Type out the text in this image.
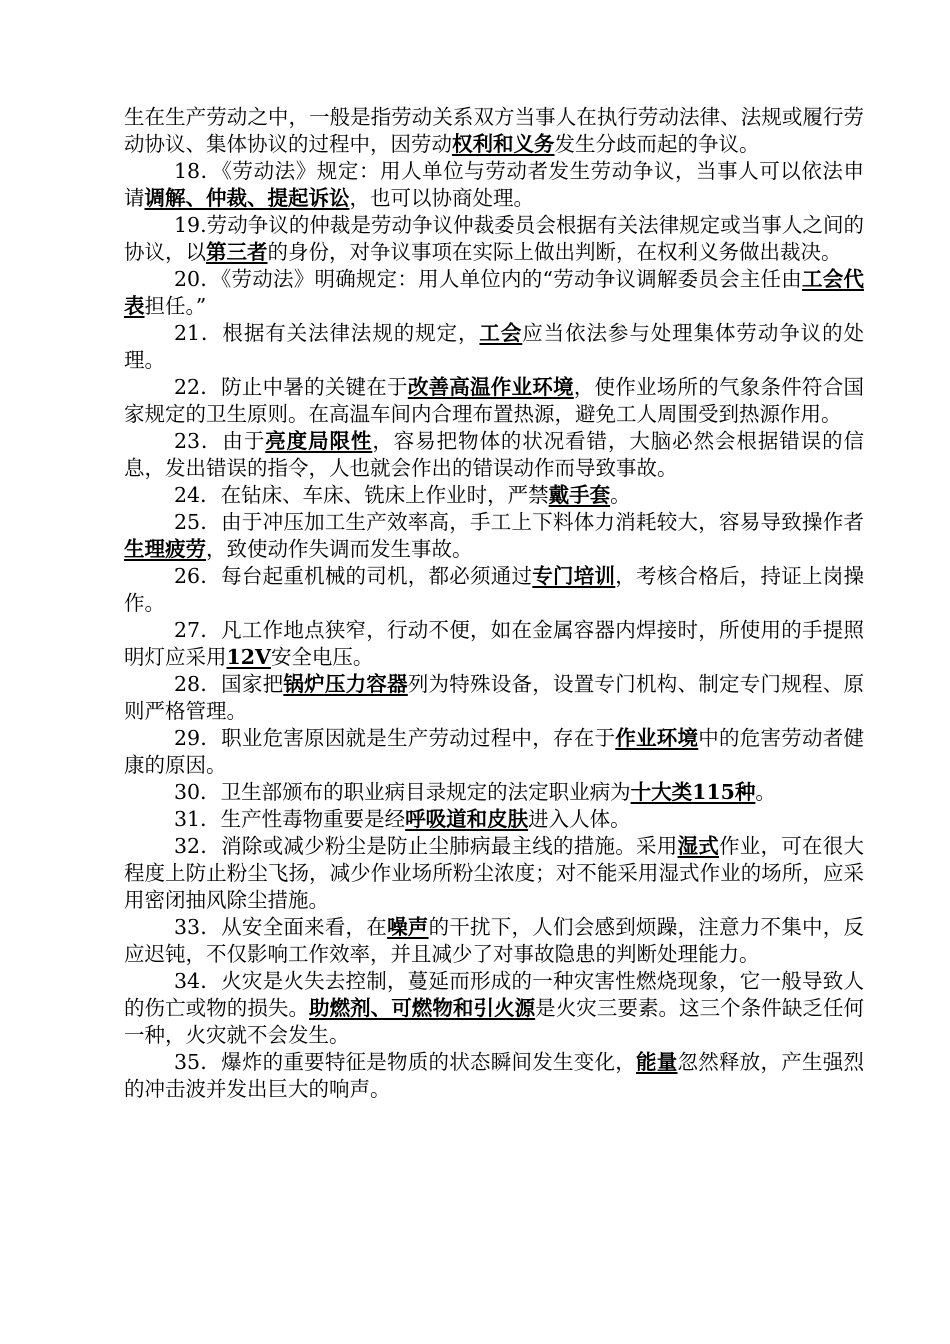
生在生产劳动之中，一般是指劳动关系双方当事人在执行劳动法律、法规或履行劳动协议、集体协议的过程中，因劳动权利和义务发生分歧而起的争议。

18．《劳动法》规定：用人单位与劳动者发生劳动争议，当事人可以依法申请调解、仲裁、提起诉讼，也可以协商处理。

19.劳动争议的仲裁是劳动争议仲裁委员会根据有关法律规定或当事人之间的协议，以第三者的身份，对争议事项在实际上做出判断，在权利义务做出裁决。

20．《劳动法》明确规定：用人单位内的“劳动争议调解委员会主任由工会代表担任。”

21．根据有关法律法规的规定，工会应当依法参与处理集体劳动争议的处理。

22．防止中暑的关键在于改善高温作业环境，使作业场所的气象条件符合国家规定的卫生原则。在高温车间内合理布置热源，避免工人周围受到热源作用。

23．由于亮度局限性，容易把物体的状况看错，大脑必然会根据错误的信息，发出错误的指令，人也就会作出的错误动作而导致事故。

24．在钻床、车床、铣床上作业时，严禁戴手套。

25．由于冲压加工生产效率高，手工上下料体力消耗较大，容易导致操作者生理疲劳，致使动作失调而发生事故。

26．每台起重机械的司机，都必须通过专门培训，考核合格后，持证上岗操作。

27．凡工作地点狭窄，行动不便，如在金属容器内焊接时，所使用的手提照明灯应采用12V安全电压。

28．国家把锅炉压力容器列为特殊设备，设置专门机构、制定专门规程、原则严格管理。

29．职业危害原因就是生产劳动过程中，存在于作业环境中的危害劳动者健康的原因。

30．卫生部颁布的职业病目录规定的法定职业病为十大类115种。

31．生产性毒物重要是经呼吸道和皮肤进入人体。

32．消除或减少粉尘是防止尘肺病最主线的措施。采用湿式作业，可在很大程度上防止粉尘飞扬，减少作业场所粉尘浓度；对不能采用湿式作业的场所，应采用密闭抽风除尘措施。

33．从安全面来看，在噪声的干扰下，人们会感到烦躁，注意力不集中，反应迟钝，不仅影响工作效率，并且减少了对事故隐患的判断处理能力。

34．火灾是火失去控制，蔓延而形成的一种灾害性燃烧现象，它一般导致人的伤亡或物的损失。助燃剂、可燃物和引火源是火灾三要素。这三个条件缺乏任何一种，火灾就不会发生。

35．爆炸的重要特征是物质的状态瞬间发生变化，能量忽然释放，产生强烈的冲击波并发出巨大的响声。
